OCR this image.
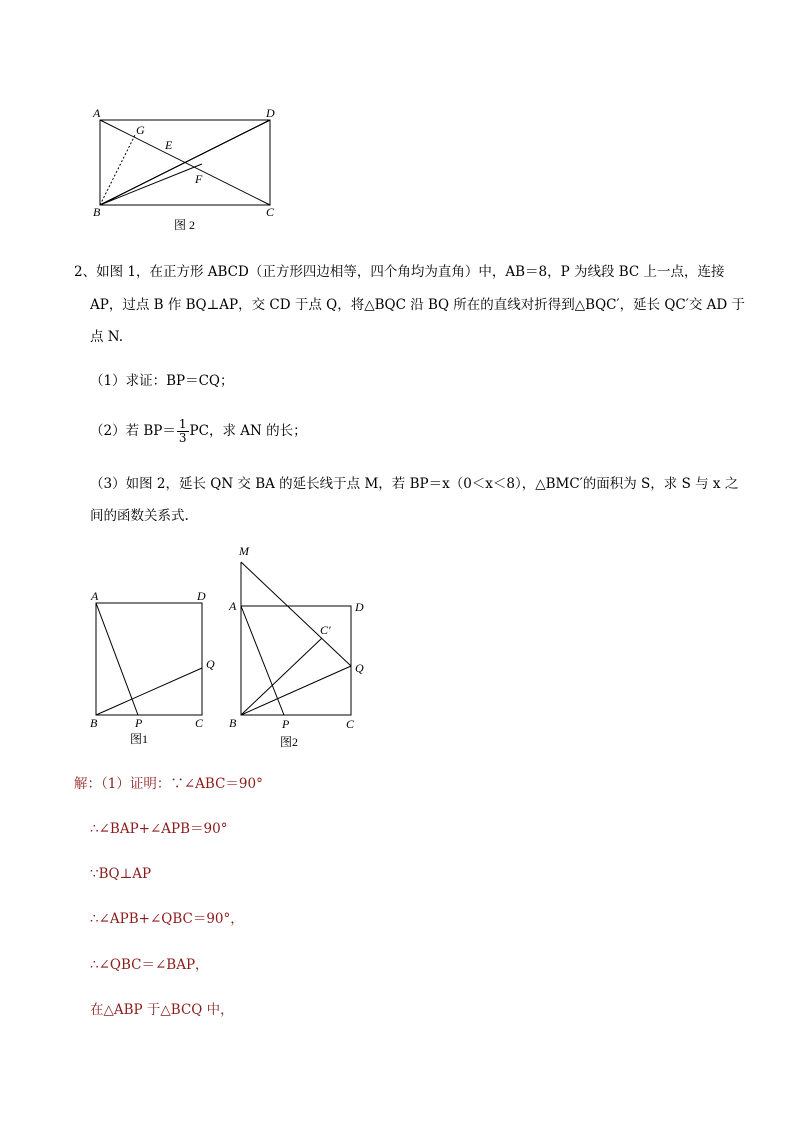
A	D
G
E
F
B	C
图 2
2、如图 1，在正方形 ABCD（正方形四边相等，四个角均为直角）中，AB＝8，P 为线段 BC 上一点，连接
AP，过点 B 作 BQ⊥AP，交 CD 于点 Q，将△BQC 沿 BQ 所在的直线对折得到△BQC′，延长 QC′交 AD 于
点 N.
（1）求证：BP＝CQ；
（2）若 $BP= \frac{1}{3}$ PC，求 AN 的长；
（3）如图 2，延长 QN 交 BA 的延长线于点 M，若 BP＝x（0＜x＜8），△BMC′的面积为 S，求 S 与 x 之
间的函数关系式.
A	D
Q
B	P	C
图1
M
A	D
C′
Q
B	P	C
图2
解：（1）证明：∵∠ABC＝90°
∴∠BAP+∠APB＝90°
∵BQ⊥AP
∴∠APB+∠QBC＝90°，
∴∠QBC＝∠BAP，
在△ABP 于△BCQ 中，
